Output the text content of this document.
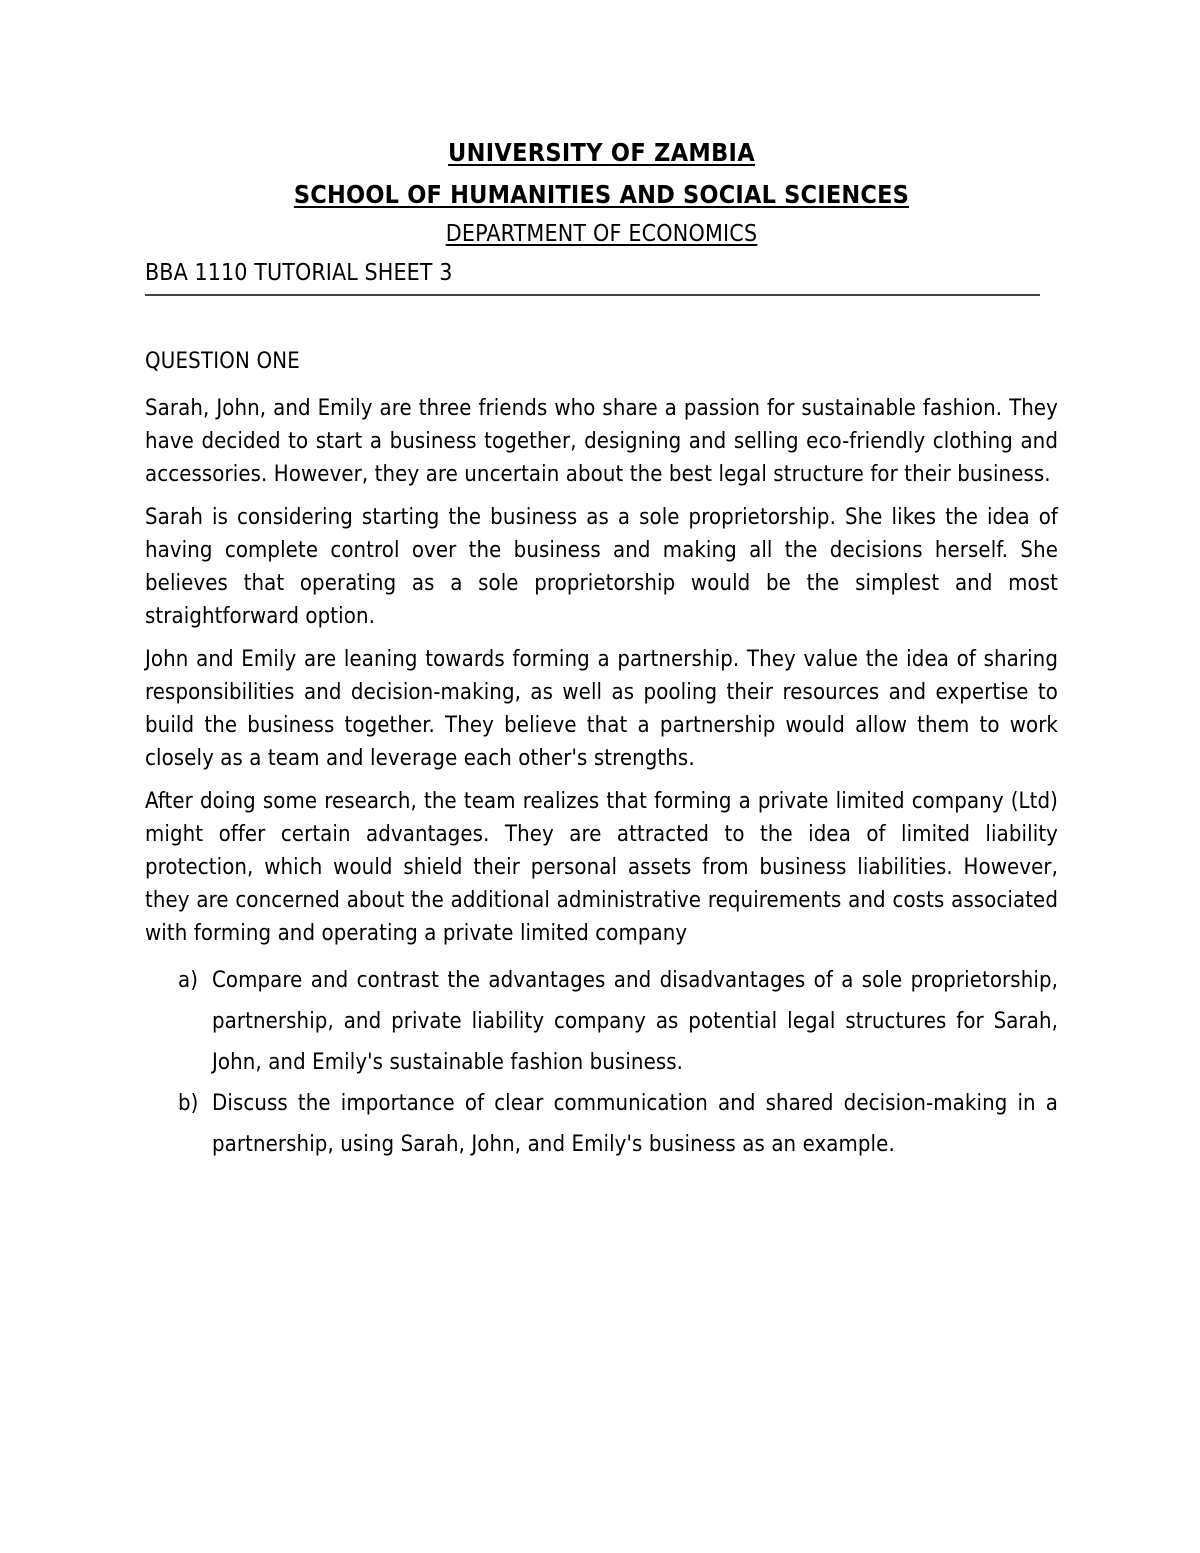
UNIVERSITY OF ZAMBIA
SCHOOL OF HUMANITIES AND SOCIAL SCIENCES
DEPARTMENT OF ECONOMICS
BBA 1110 TUTORIAL SHEET 3
QUESTION ONE

Sarah, John, and Emily are three friends who share a passion for sustainable fashion. They have decided to start a business together, designing and selling eco-friendly clothing and accessories. However, they are uncertain about the best legal structure for their business.

Sarah is considering starting the business as a sole proprietorship. She likes the idea of having complete control over the business and making all the decisions herself. She believes that operating as a sole proprietorship would be the simplest and most straightforward option.

John and Emily are leaning towards forming a partnership. They value the idea of sharing responsibilities and decision-making, as well as pooling their resources and expertise to build the business together. They believe that a partnership would allow them to work closely as a team and leverage each other's strengths.

After doing some research, the team realizes that forming a private limited company (Ltd) might offer certain advantages. They are attracted to the idea of limited liability protection, which would shield their personal assets from business liabilities. However, they are concerned about the additional administrative requirements and costs associated with forming and operating a private limited company

a) Compare and contrast the advantages and disadvantages of a sole proprietorship, partnership, and private liability company as potential legal structures for Sarah, John, and Emily's sustainable fashion business.
b) Discuss the importance of clear communication and shared decision-making in a partnership, using Sarah, John, and Emily's business as an example.
